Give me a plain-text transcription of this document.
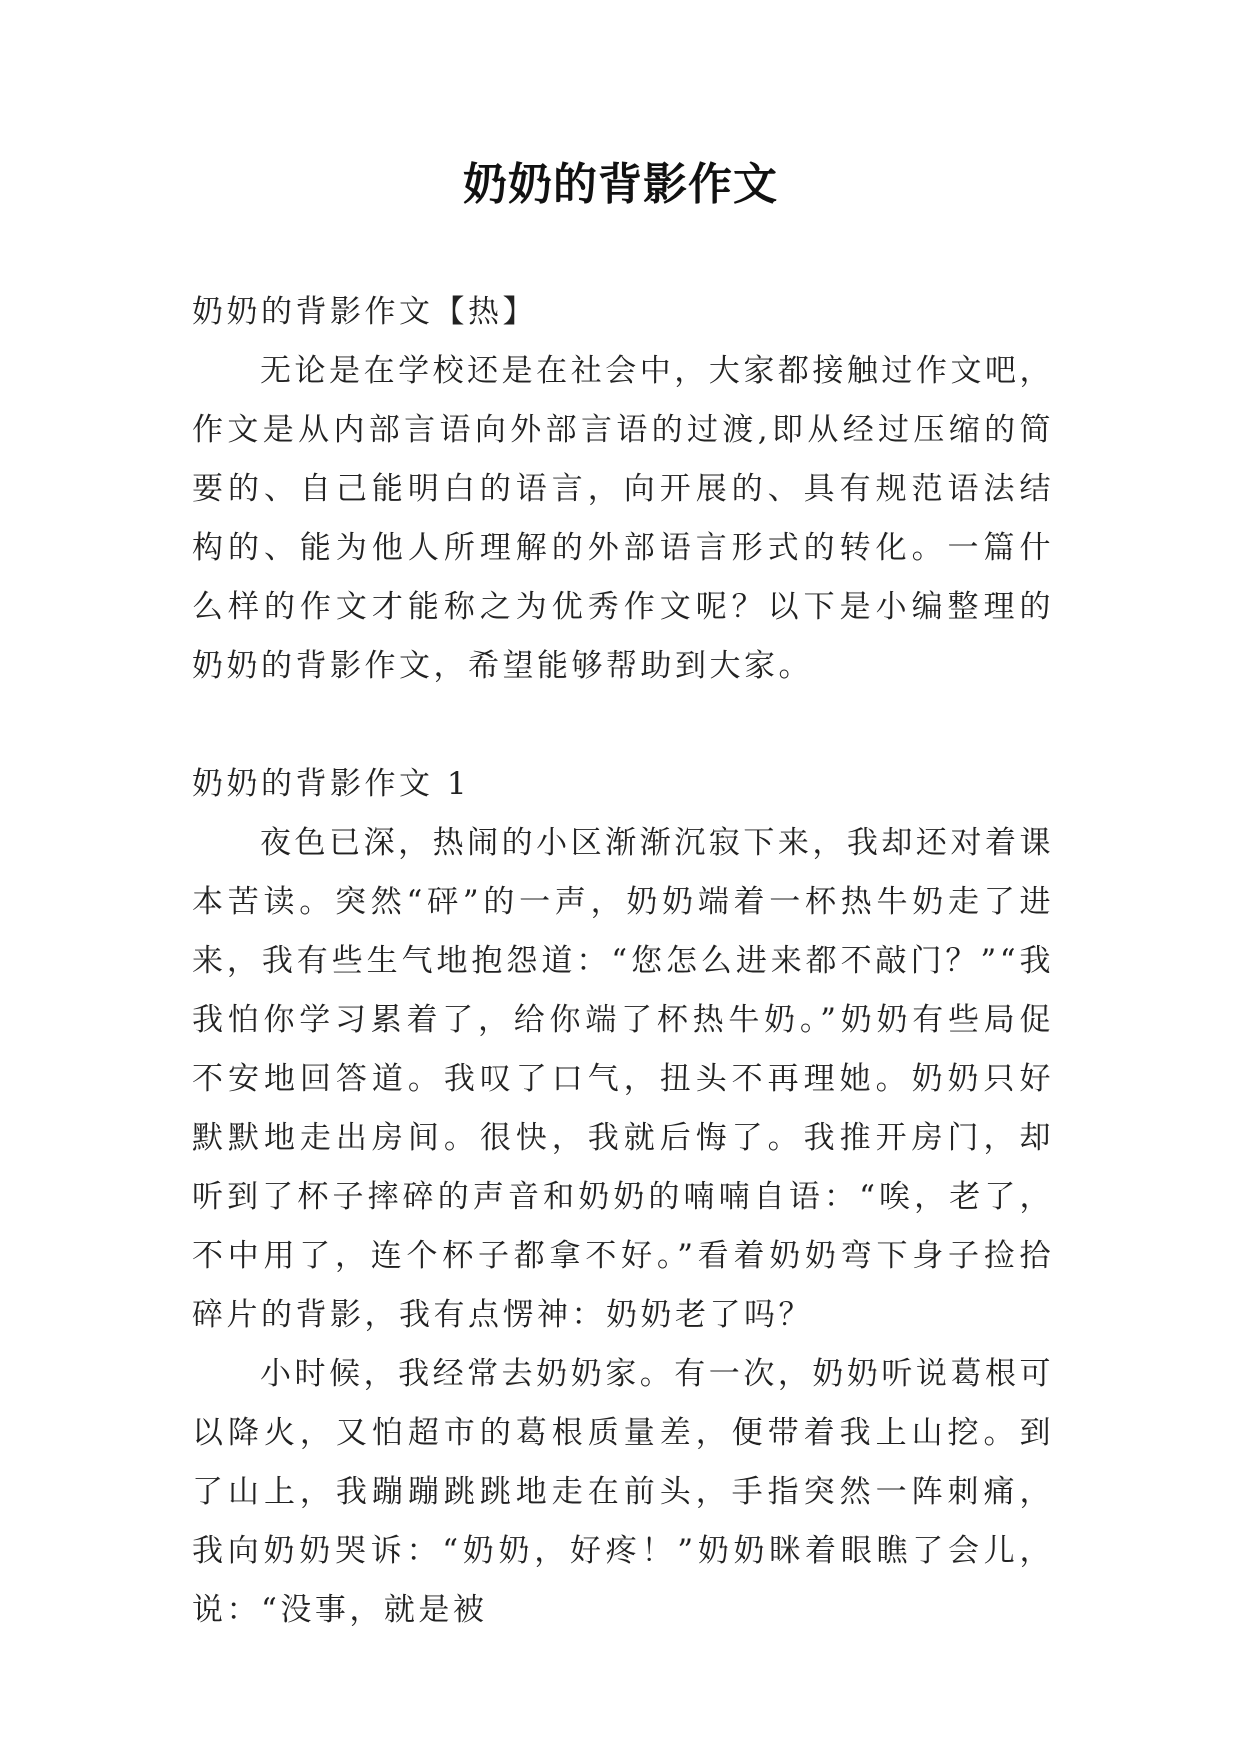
奶奶的背影作文

奶奶的背影作文【热】

无论是在学校还是在社会中，大家都接触过作文吧，作文是从内部言语向外部言语的过渡,即从经过压缩的简要的、自己能明白的语言，向开展的、具有规范语法结构的、能为他人所理解的外部语言形式的转化。一篇什么样的作文才能称之为优秀作文呢？以下是小编整理的奶奶的背影作文，希望能够帮助到大家。

奶奶的背影作文 1

夜色已深，热闹的小区渐渐沉寂下来，我却还对着课本苦读。突然“砰”的一声，奶奶端着一杯热牛奶走了进来，我有些生气地抱怨道：“您怎么进来都不敲门？”“我我怕你学习累着了，给你端了杯热牛奶。”奶奶有些局促不安地回答道。我叹了口气，扭头不再理她。奶奶只好默默地走出房间。很快，我就后悔了。我推开房门，却听到了杯子摔碎的声音和奶奶的喃喃自语：“唉，老了，不中用了，连个杯子都拿不好。”看着奶奶弯下身子捡拾碎片的背影，我有点愣神：奶奶老了吗？

小时候，我经常去奶奶家。有一次，奶奶听说葛根可以降火，又怕超市的葛根质量差，便带着我上山挖。到了山上，我蹦蹦跳跳地走在前头，手指突然一阵刺痛，我向奶奶哭诉：“奶奶，好疼！”奶奶眯着眼瞧了会儿，说：“没事，就是被
